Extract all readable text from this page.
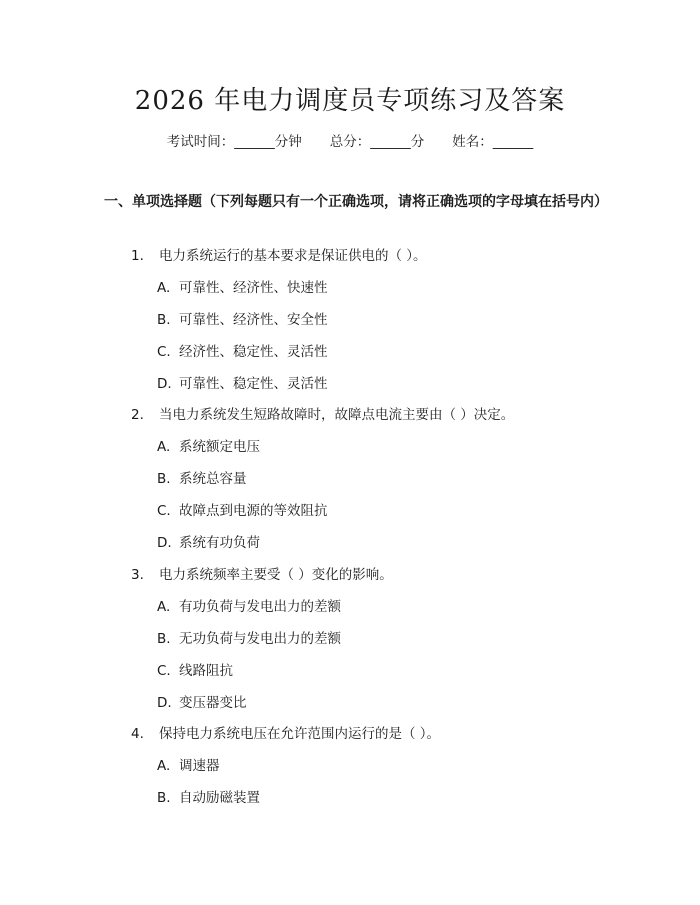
2026 年电力调度员专项练习及答案
考试时间：______分钟 总分：______分 姓名：______

一、单项选择题（下列每题只有一个正确选项，请将正确选项的字母填在括号内）

1. 电力系统运行的基本要求是保证供电的（ ）。
A. 可靠性、经济性、快速性
B. 可靠性、经济性、安全性
C. 经济性、稳定性、灵活性
D. 可靠性、稳定性、灵活性
2. 当电力系统发生短路故障时，故障点电流主要由（ ）决定。
A. 系统额定电压
B. 系统总容量
C. 故障点到电源的等效阻抗
D. 系统有功负荷
3. 电力系统频率主要受（ ）变化的影响。
A. 有功负荷与发电出力的差额
B. 无功负荷与发电出力的差额
C. 线路阻抗
D. 变压器变比
4. 保持电力系统电压在允许范围内运行的是（ ）。
A. 调速器
B. 自动励磁装置
